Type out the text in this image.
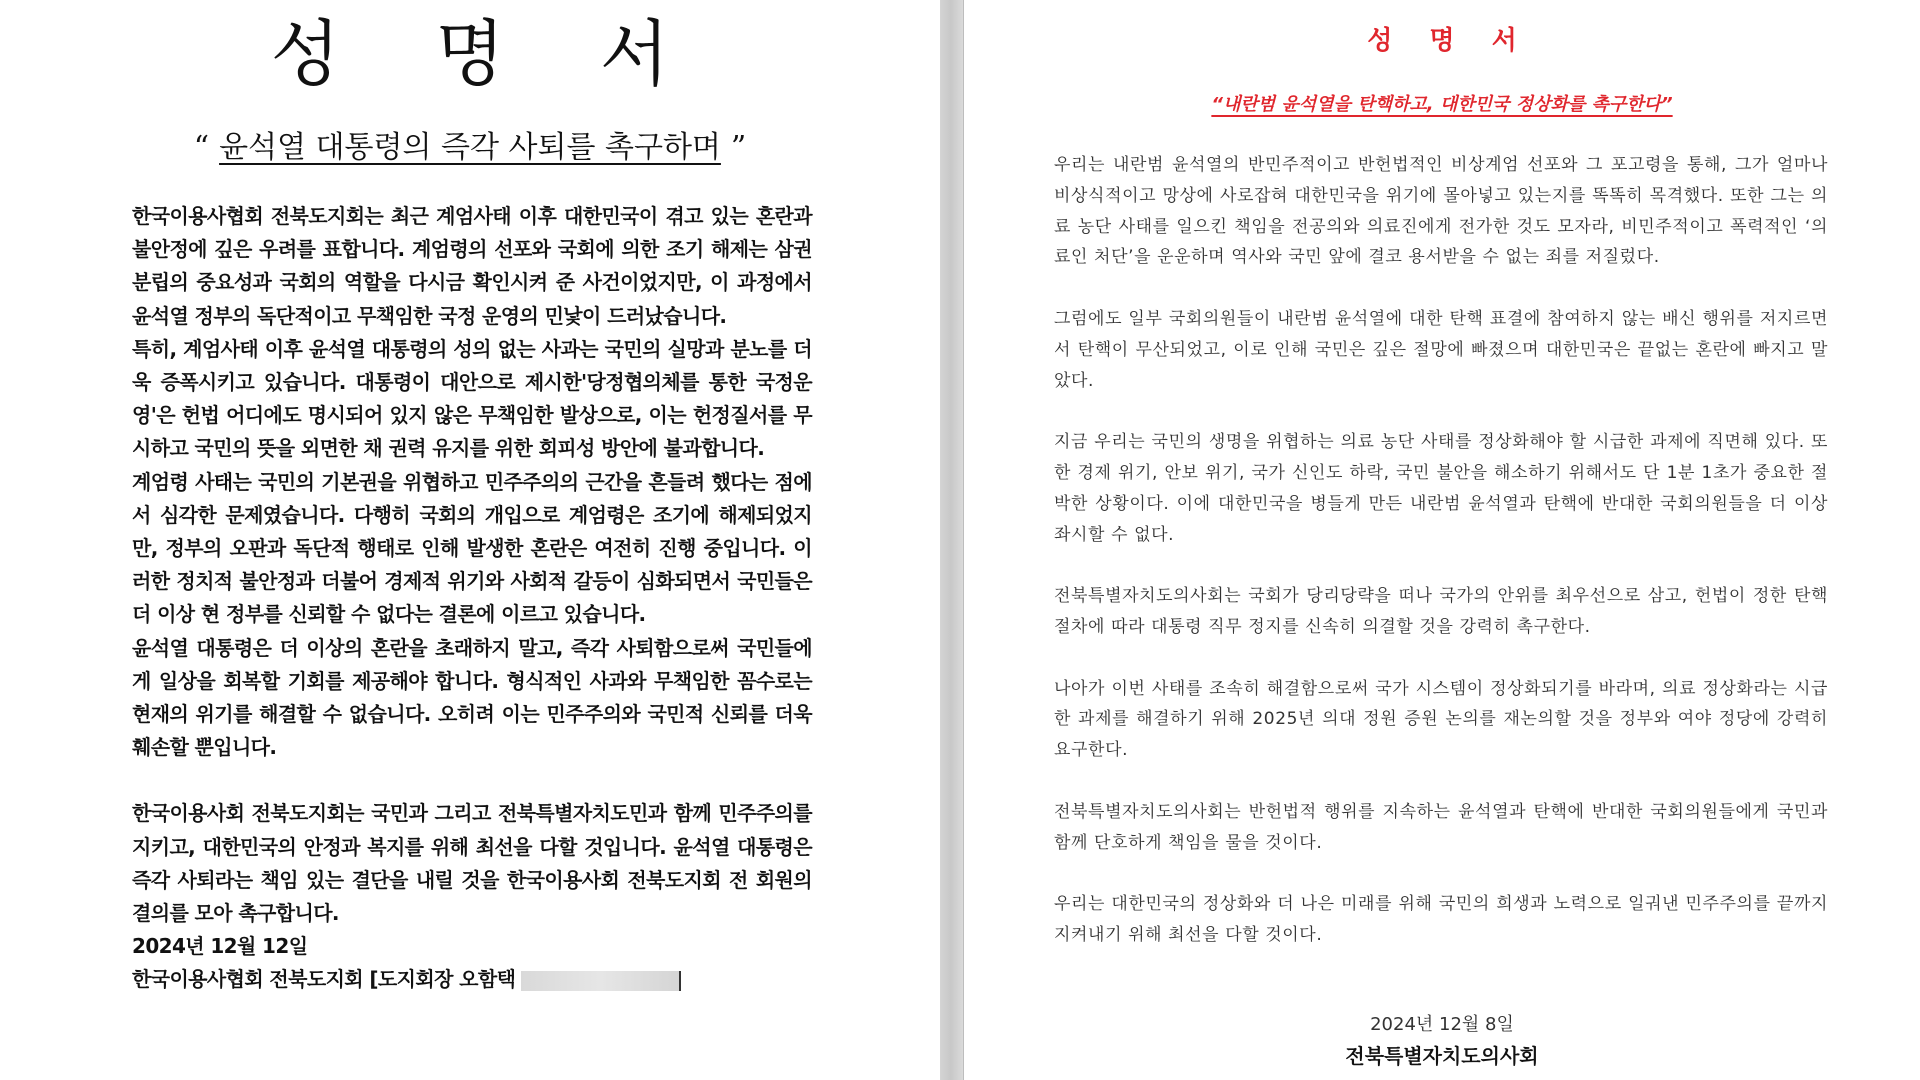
성명서
“ 윤석열 대통령의 즉각 사퇴를 촉구하며 ”

한국이용사협회 전북도지회는 최근 계엄사태 이후 대한민국이 겪고 있는 혼란과 불안정에 깊은 우려를 표합니다. 계엄령의 선포와 국회에 의한 조기 해제는 삼권분립의 중요성과 국회의 역할을 다시금 확인시켜 준 사건이었지만, 이 과정에서 윤석열 정부의 독단적이고 무책임한 국정 운영의 민낯이 드러났습니다.

특히, 계엄사태 이후 윤석열 대통령의 성의 없는 사과는 국민의 실망과 분노를 더욱 증폭시키고 있습니다. 대통령이 대안으로 제시한'당정협의체를 통한 국정운영'은 헌법 어디에도 명시되어 있지 않은 무책임한 발상으로, 이는 헌정질서를 무시하고 국민의 뜻을 외면한 채 권력 유지를 위한 회피성 방안에 불과합니다.

계엄령 사태는 국민의 기본권을 위협하고 민주주의의 근간을 흔들려 했다는 점에서 심각한 문제였습니다. 다행히 국회의 개입으로 계엄령은 조기에 해제되었지만, 정부의 오판과 독단적 행태로 인해 발생한 혼란은 여전히 진행 중입니다. 이러한 정치적 불안정과 더불어 경제적 위기와 사회적 갈등이 심화되면서 국민들은 더 이상 현 정부를 신뢰할 수 없다는 결론에 이르고 있습니다.

윤석열 대통령은 더 이상의 혼란을 초래하지 말고, 즉각 사퇴함으로써 국민들에게 일상을 회복할 기회를 제공해야 합니다. 형식적인 사과와 무책임한 꼼수로는 현재의 위기를 해결할 수 없습니다. 오히려 이는 민주주의와 국민적 신뢰를 더욱 훼손할 뿐입니다.

한국이용사회 전북도지회는 국민과 그리고 전북특별자치도민과 함께 민주주의를 지키고, 대한민국의 안정과 복지를 위해 최선을 다할 것입니다. 윤석열 대통령은 즉각 사퇴라는 책임 있는 결단을 내릴 것을 한국이용사회 전북도지회 전 회원의 결의를 모아 촉구합니다.

2024년 12월 12일

한국이용사협회 전북도지회 [도지회장 오함택

성 명 서
“내란범 윤석열을 탄핵하고, 대한민국 정상화를 촉구한다”

우리는 내란범 윤석열의 반민주적이고 반헌법적인 비상계엄 선포와 그 포고령을 통해, 그가 얼마나 비상식적이고 망상에 사로잡혀 대한민국을 위기에 몰아넣고 있는지를 똑똑히 목격했다. 또한 그는 의료 농단 사태를 일으킨 책임을 전공의와 의료진에게 전가한 것도 모자라, 비민주적이고 폭력적인 ‘의료인 처단’을 운운하며 역사와 국민 앞에 결코 용서받을 수 없는 죄를 저질렀다.

그럼에도 일부 국회의원들이 내란범 윤석열에 대한 탄핵 표결에 참여하지 않는 배신 행위를 저지르면서 탄핵이 무산되었고, 이로 인해 국민은 깊은 절망에 빠졌으며 대한민국은 끝없는 혼란에 빠지고 말았다.

지금 우리는 국민의 생명을 위협하는 의료 농단 사태를 정상화해야 할 시급한 과제에 직면해 있다. 또한 경제 위기, 안보 위기, 국가 신인도 하락, 국민 불안을 해소하기 위해서도 단 1분 1초가 중요한 절박한 상황이다. 이에 대한민국을 병들게 만든 내란범 윤석열과 탄핵에 반대한 국회의원들을 더 이상 좌시할 수 없다.

전북특별자치도의사회는 국회가 당리당략을 떠나 국가의 안위를 최우선으로 삼고, 헌법이 정한 탄핵 절차에 따라 대통령 직무 정지를 신속히 의결할 것을 강력히 촉구한다.

나아가 이번 사태를 조속히 해결함으로써 국가 시스템이 정상화되기를 바라며, 의료 정상화라는 시급한 과제를 해결하기 위해 2025년 의대 정원 증원 논의를 재논의할 것을 정부와 여야 정당에 강력히 요구한다.

전북특별자치도의사회는 반헌법적 행위를 지속하는 윤석열과 탄핵에 반대한 국회의원들에게 국민과 함께 단호하게 책임을 물을 것이다.

우리는 대한민국의 정상화와 더 나은 미래를 위해 국민의 희생과 노력으로 일궈낸 민주주의를 끝까지 지켜내기 위해 최선을 다할 것이다.

2024년 12월 8일
전북특별자치도의사회
